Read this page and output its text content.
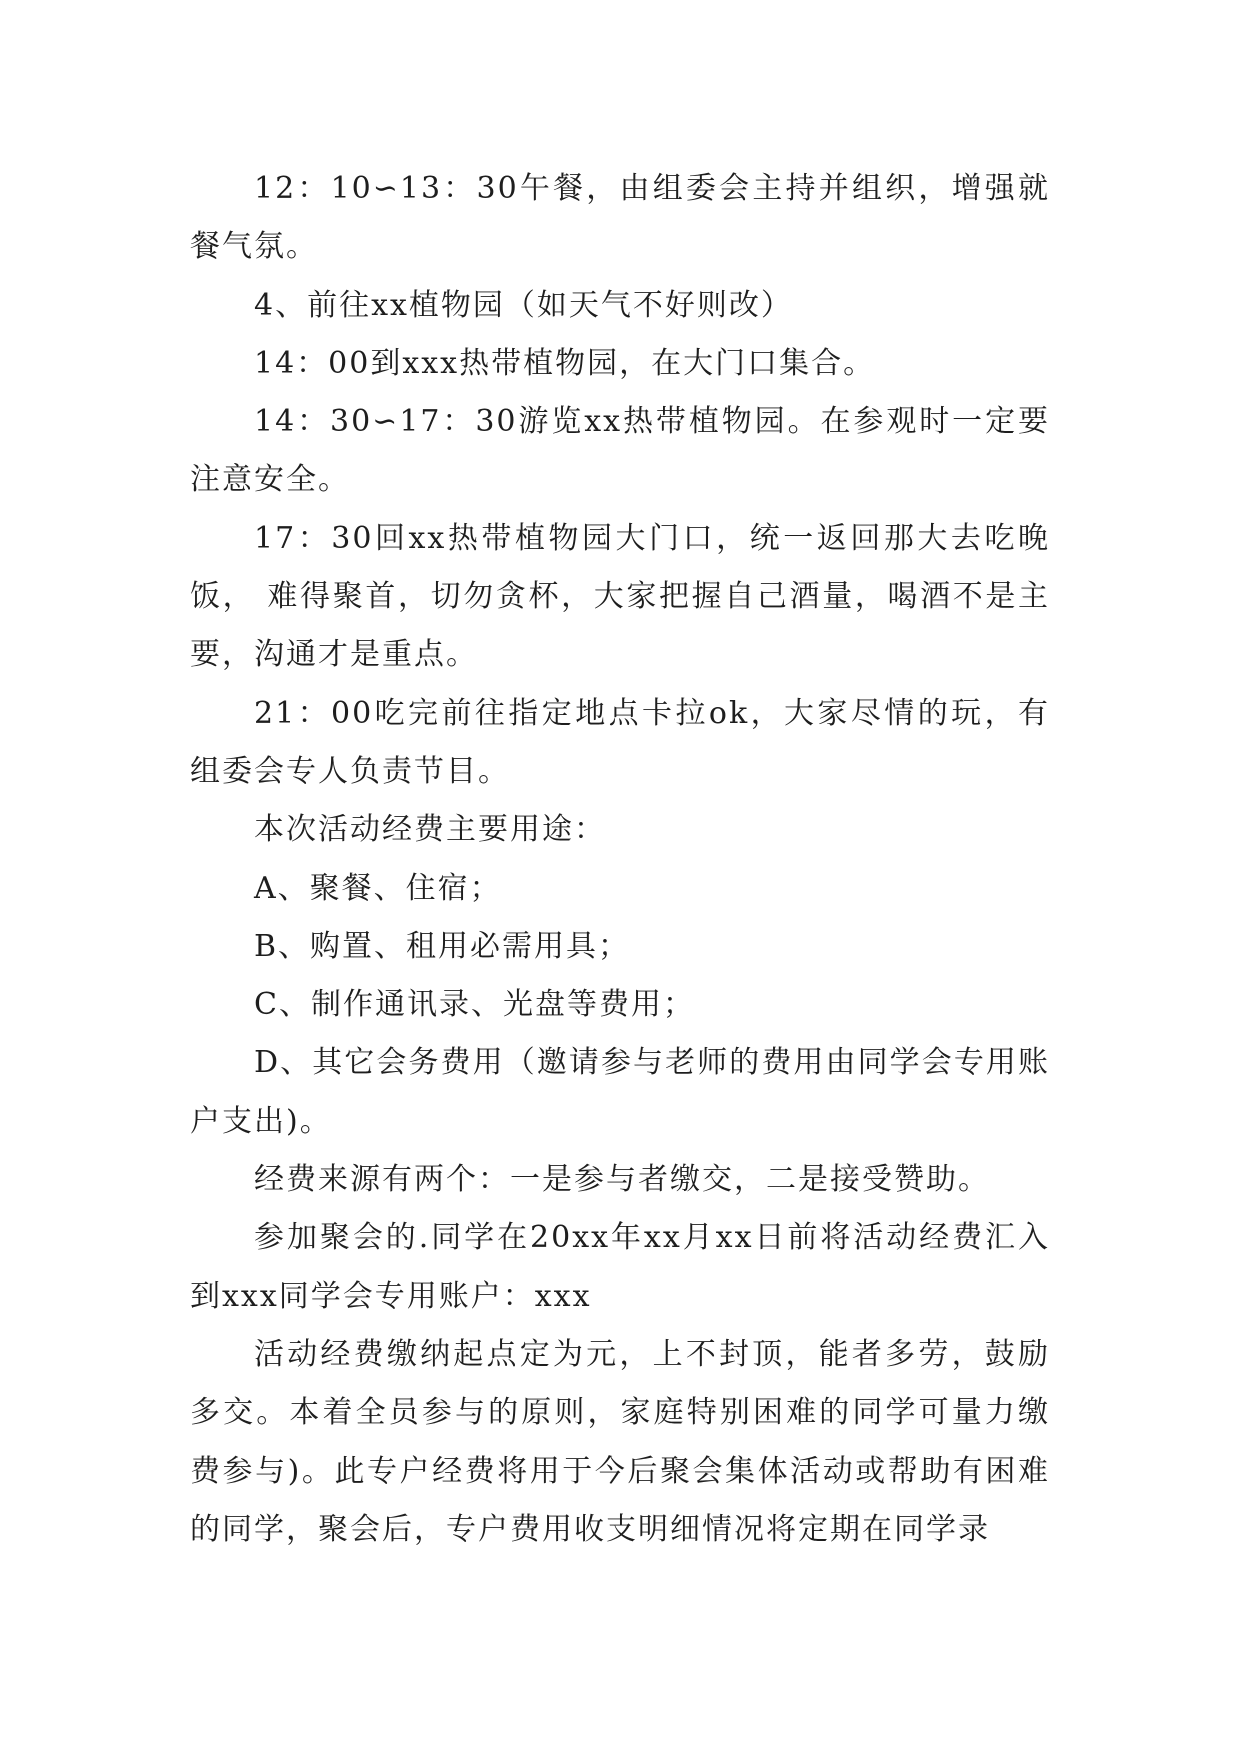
12：10∽13：30午餐，由组委会主持并组织，增强就餐气氛。

4、前往xx植物园（如天气不好则改）

14：00到xxx热带植物园，在大门口集合。

14：30∽17：30游览xx热带植物园。在参观时一定要注意安全。

17：30回xx热带植物园大门口，统一返回那大去吃晚饭， 难得聚首，切勿贪杯，大家把握自己酒量，喝酒不是主要，沟通才是重点。

21：00吃完前往指定地点卡拉ok，大家尽情的玩，有组委会专人负责节目。

本次活动经费主要用途：

A、聚餐、住宿；

B、购置、租用必需用具；

C、制作通讯录、光盘等费用；

D、其它会务费用（邀请参与老师的费用由同学会专用账户支出)。

经费来源有两个：一是参与者缴交，二是接受赞助。

参加聚会的.同学在20xx年xx月xx日前将活动经费汇入到xxx同学会专用账户：xxx

活动经费缴纳起点定为元，上不封顶，能者多劳，鼓励多交。本着全员参与的原则，家庭特别困难的同学可量力缴费参与)。此专户经费将用于今后聚会集体活动或帮助有困难的同学，聚会后，专户费用收支明细情况将定期在同学录
